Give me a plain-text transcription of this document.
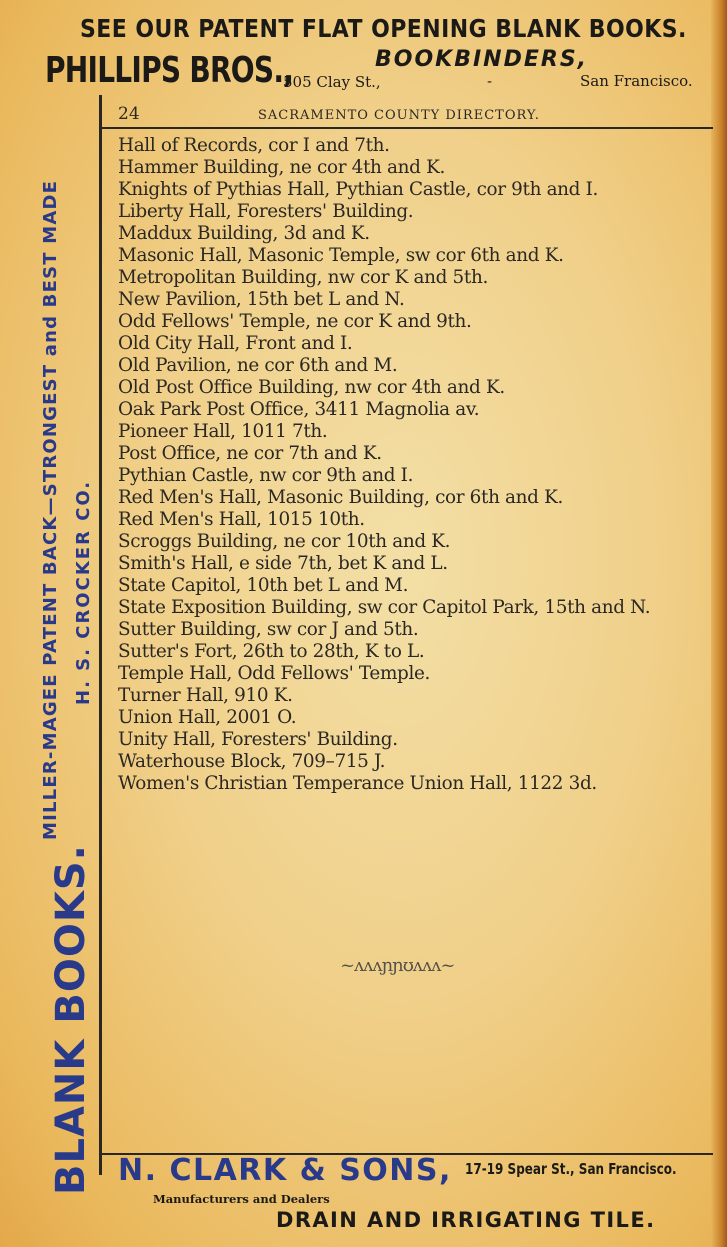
SEE OUR PATENT FLAT OPENING BLANK BOOKS.
PHILLIPS BROS.,	BOOKBINDERS,
505 Clay St.,	-	San Francisco.
BLANK BOOKS.
MILLER-MAGEE PATENT BACK—STRONGEST and BEST MADE H. S. CROCKER CO.
24	SACRAMENTO COUNTY DIRECTORY.
Hall of Records, cor I and 7th.
Hammer Building, ne cor 4th and K.
Knights of Pythias Hall, Pythian Castle, cor 9th and I.
Liberty Hall, Foresters' Building.
Maddux Building, 3d and K.
Masonic Hall, Masonic Temple, sw cor 6th and K.
Metropolitan Building, nw cor K and 5th.
New Pavilion, 15th bet L and N.
Odd Fellows' Temple, ne cor K and 9th.
Old City Hall, Front and I.
Old Pavilion, ne cor 6th and M.
Old Post Office Building, nw cor 4th and K.
Oak Park Post Office, 3411 Magnolia av.
Pioneer Hall, 1011 7th.
Post Office, ne cor 7th and K.
Pythian Castle, nw cor 9th and I.
Red Men's Hall, Masonic Building, cor 6th and K.
Red Men's Hall, 1015 10th.
Scroggs Building, ne cor 10th and K.
Smith's Hall, e side 7th, bet K and L.
State Capitol, 10th bet L and M.
State Exposition Building, sw cor Capitol Park, 15th and N.
Sutter Building, sw cor J and 5th.
Sutter's Fort, 26th to 28th, K to L.
Temple Hall, Odd Fellows' Temple.
Turner Hall, 910 K.
Union Hall, 2001 O.
Unity Hall, Foresters' Building.
Waterhouse Block, 709–715 J.
Women's Christian Temperance Union Hall, 1122 3d.
~ʌʌʌɲɲʊʌʌʌ~
N. CLARK & SONS, 17-19 Spear St., San Francisco.
Manufacturers and Dealers
DRAIN AND IRRIGATING TILE.
